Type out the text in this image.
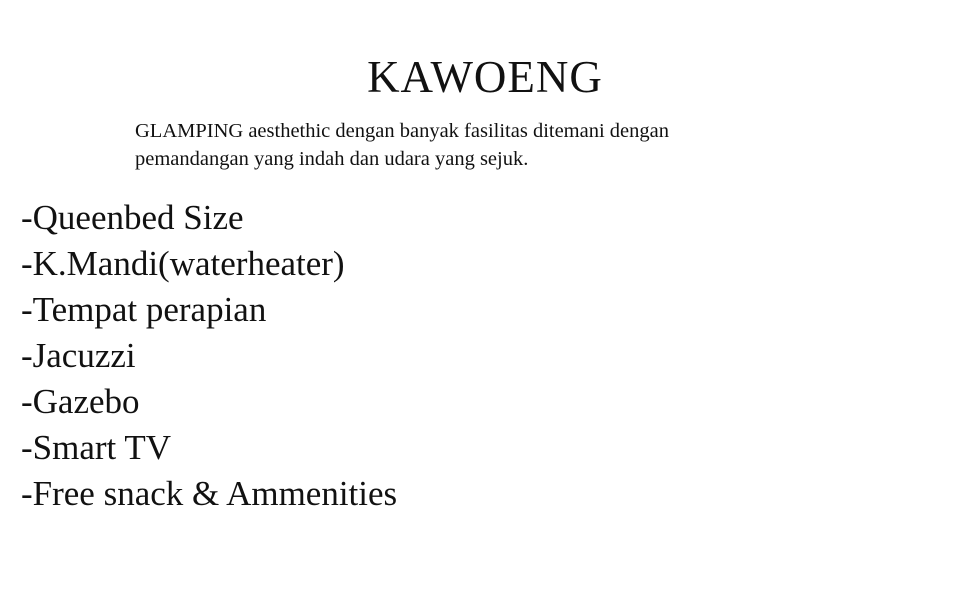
KAWOENG

GLAMPING aesthethic dengan banyak fasilitas ditemani dengan
pemandangan yang indah dan udara yang sejuk.

-Queenbed Size
-K.Mandi(waterheater)
-Tempat perapian
-Jacuzzi
-Gazebo
-Smart TV
-Free snack & Ammenities
